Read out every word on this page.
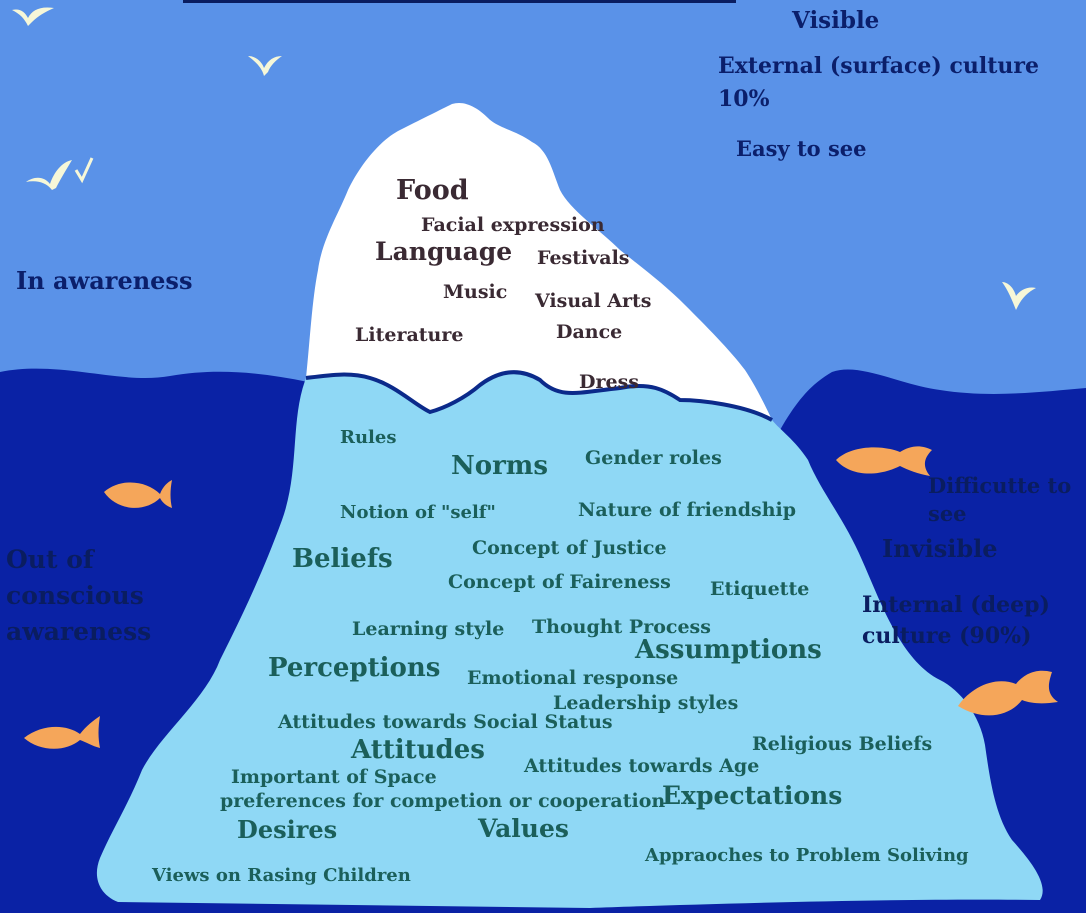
Visible
External (surface) culture
10%
Easy to see
In awareness
Out of
conscious
awareness
Difficutte to
see
Invisible
Internal (deep)
culture (90%)
Food
Facial expression
Language Festivals
Music Visual Arts
Literature	Dance
Dress
Rules
Norms Gender roles
Notion of "self"	Nature of friendship
Beliefs	Concept of Justice
Concept of Faireness Etiquette
Learning style Thought Process
Assumptions
Perceptions Emotional response
Leadership styles
Attitudes towards Social Status
Attitudes	Religious Beliefs
Important of Space	Attitudes towards Age
preferences for competion or cooperation
Expectations
Desires	Values
Appraoches to Problem Soliving
Views on Rasing Children
